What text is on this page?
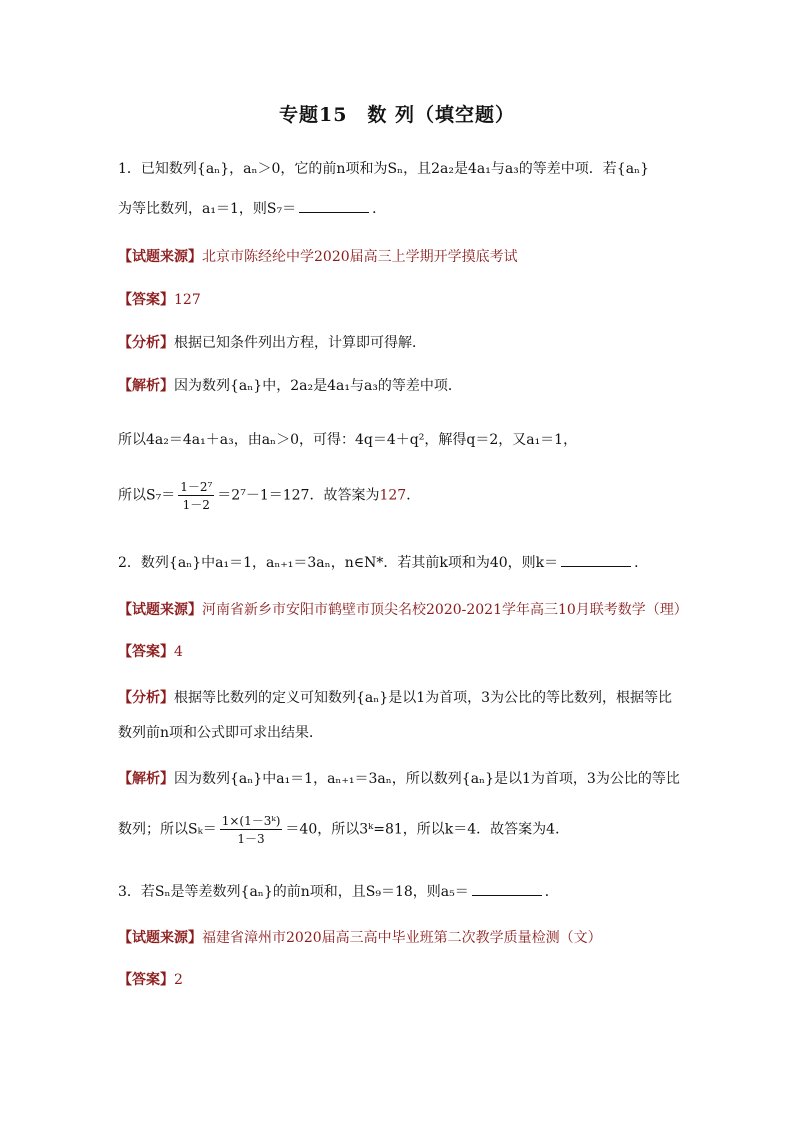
专题15　数 列（填空题）
1．已知数列{aₙ}，aₙ＞0，它的前n项和为Sₙ，且2a₂是4a₁与a₃的等差中项．若{aₙ}
为等比数列，a₁＝1，则S₇＝	．
【试题来源】北京市陈经纶中学2020届高三上学期开学摸底考试
【答案】127
【分析】根据已知条件列出方程，计算即可得解．
【解析】因为数列{aₙ}中，2a₂是4a₁与a₃的等差中项．
所以4a₂＝4a₁＋a₃，由aₙ＞0，可得：4q＝4＋q²，解得q＝2，又a₁＝1，
所以$S_7= \frac{\text{1－2⁷}}{1-2} =2^7-1=127$．故答案为127．
2．数列{aₙ}中a₁＝1，aₙ₊₁＝3aₙ，n∈N*．若其前k项和为40，则k＝	．
【试题来源】河南省新乡市安阳市鹤壁市顶尖名校2020-2021学年高三10月联考数学（理）
【答案】4
【分析】根据等比数列的定义可知数列{aₙ}是以1为首项，3为公比的等比数列，根据等比
数列前n项和公式即可求出结果．
【解析】因为数列{aₙ}中a₁＝1，aₙ₊₁＝3aₙ，所以数列{aₙ}是以1为首项，3为公比的等比
数列；所以$S_k= \frac{\text{1×(1－3ᵏ)}}{1-3} =40$，所以3ᵏ=81，所以k＝4．故答案为4．
3．若Sₙ是等差数列{aₙ}的前n项和，且S₉＝18，则a₅＝	．
【试题来源】福建省漳州市2020届高三高中毕业班第二次教学质量检测（文）
【答案】2
